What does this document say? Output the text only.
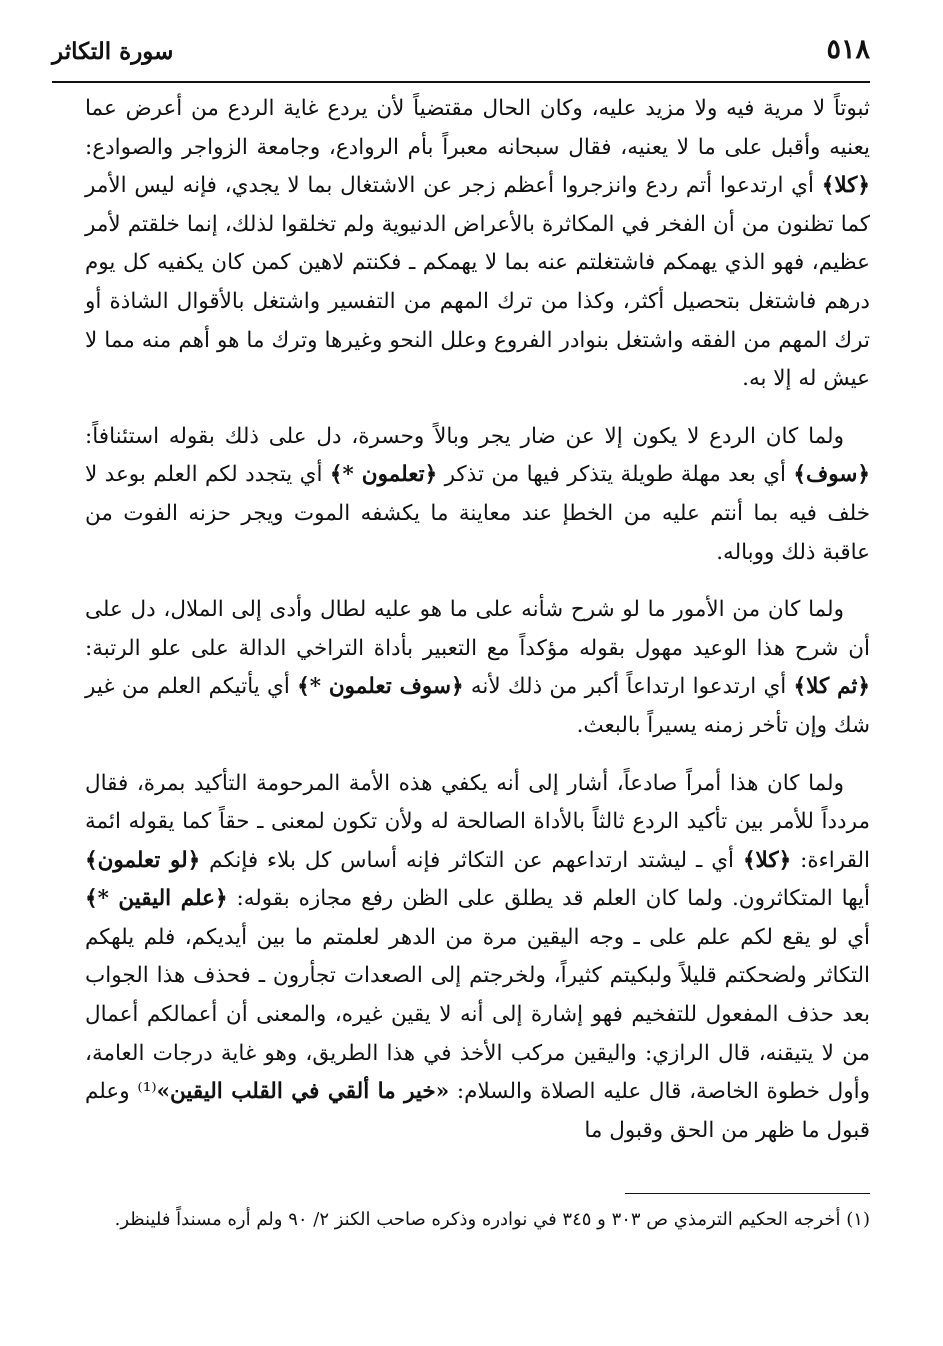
٥١٨
سورة التكاثر

ثبوتاً لا مرية فيه ولا مزيد عليه، وكان الحال مقتضياً لأن يردع غاية الردع من أعرض عما يعنيه وأقبل على ما لا يعنيه، فقال سبحانه معبراً بأم الروادع، وجامعة الزواجر والصوادع: ﴿كلا﴾ أي ارتدعوا أتم ردع وانزجروا أعظم زجر عن الاشتغال بما لا يجدي، فإنه ليس الأمر كما تظنون من أن الفخر في المكاثرة بالأعراض الدنيوية ولم تخلقوا لذلك، إنما خلقتم لأمر عظيم، فهو الذي يهمكم فاشتغلتم عنه بما لا يهمكم ـ فكنتم لاهين كمن كان يكفيه كل يوم درهم فاشتغل بتحصيل أكثر، وكذا من ترك المهم من التفسير واشتغل بالأقوال الشاذة أو ترك المهم من الفقه واشتغل بنوادر الفروع وعلل النحو وغيرها وترك ما هو أهم منه مما لا عيش له إلا به.

ولما كان الردع لا يكون إلا عن ضار يجر وبالاً وحسرة، دل على ذلك بقوله استئنافاً: ﴿سوف﴾ أي بعد مهلة طويلة يتذكر فيها من تذكر ﴿تعلمون *﴾ أي يتجدد لكم العلم بوعد لا خلف فيه بما أنتم عليه من الخطإ عند معاينة ما يكشفه الموت ويجر حزنه الفوت من عاقبة ذلك ووباله.

ولما كان من الأمور ما لو شرح شأنه على ما هو عليه لطال وأدى إلى الملال، دل على أن شرح هذا الوعيد مهول بقوله مؤكداً مع التعبير بأداة التراخي الدالة على علو الرتبة: ﴿ثم كلا﴾ أي ارتدعوا ارتداعاً أكبر من ذلك لأنه ﴿سوف تعلمون *﴾ أي يأتيكم العلم من غير شك وإن تأخر زمنه يسيراً بالبعث.

ولما كان هذا أمراً صادعاً، أشار إلى أنه يكفي هذه الأمة المرحومة التأكيد بمرة، فقال مردداً للأمر بين تأكيد الردع ثالثاً بالأداة الصالحة له ولأن تكون لمعنى ـ حقاً كما يقوله ائمة القراءة: ﴿كلا﴾ أي ـ ليشتد ارتداعهم عن التكاثر فإنه أساس كل بلاء فإنكم ﴿لو تعلمون﴾ أيها المتكاثرون. ولما كان العلم قد يطلق على الظن رفع مجازه بقوله: ﴿علم اليقين *﴾ أي لو يقع لكم علم على ـ وجه اليقين مرة من الدهر لعلمتم ما بين أيديكم، فلم يلهكم التكاثر ولضحكتم قليلاً ولبكيتم كثيراً، ولخرجتم إلى الصعدات تجأرون ـ فحذف هذا الجواب بعد حذف المفعول للتفخيم فهو إشارة إلى أنه لا يقين غيره، والمعنى أن أعمالكم أعمال من لا يتيقنه، قال الرازي: واليقين مركب الأخذ في هذا الطريق، وهو غاية درجات العامة، وأول خطوة الخاصة، قال عليه الصلاة والسلام: «خير ما ألقي في القلب اليقين»⁽¹⁾ وعلم قبول ما ظهر من الحق وقبول ما

(١) أخرجه الحكيم الترمذي ص ٣٠٣ و ٣٤٥ في نوادره وذكره صاحب الكنز ٢/ ٩٠ ولم أره مسنداً فلينظر.
